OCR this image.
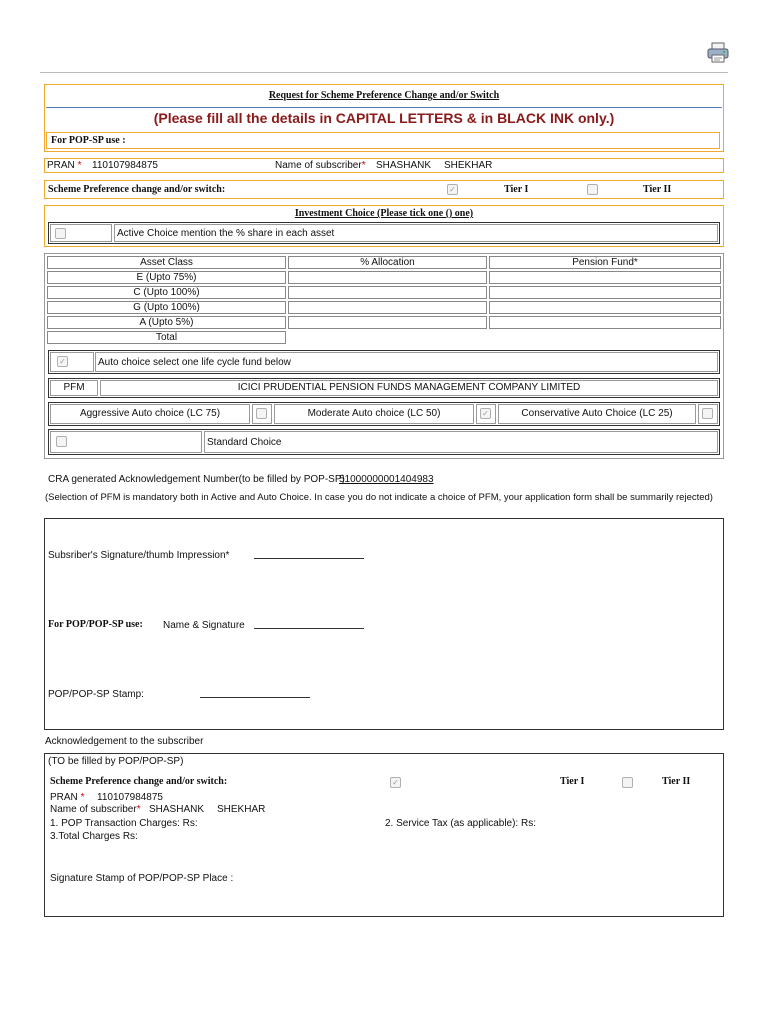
Request for Scheme Preference Change and/or Switch
(Please fill all the details in CAPITAL LETTERS & in BLACK INK only.)
For POP-SP use :
PRAN * 110107984875	Name of subscriber* SHASHANK SHEKHAR
Scheme Preference change and/or switch:	✓	Tier I	Tier II
Investment Choice (Please tick one () one)
Active Choice mention the % share in each asset
Asset Class	% Allocation	Pension Fund*
E (Upto 75%)		
C (Upto 100%)		
G (Upto 100%)		
A (Upto 5%)		
Total		
✓	Auto choice select one life cycle fund below
PFM	ICICI PRUDENTIAL PENSION FUNDS MANAGEMENT COMPANY LIMITED
Aggressive Auto choice (LC 75)	Moderate Auto choice (LC 50)	✓	Conservative Auto Choice (LC 25)
Standard Choice
CRA generated Acknowledgement Number(to be filled by POP-SP)
51000000001404983
(Selection of PFM is mandatory both in Active and Auto Choice. In case you do not indicate a choice of PFM, your application form shall be summarily rejected)
Subsriber's Signature/thumb Impression*
For POP/POP-SP use: Name & Signature
POP/POP-SP Stamp:
Acknowledgement to the subscriber
(TO be filled by POP/POP-SP)
Scheme Preference change and/or switch:	✓	Tier I	Tier II
PRAN * 110107984875
Name of subscriber* SHASHANK SHEKHAR
1. POP Transaction Charges: Rs:	2. Service Tax (as applicable): Rs:
3.Total Charges Rs:
Signature Stamp of POP/POP-SP Place :
